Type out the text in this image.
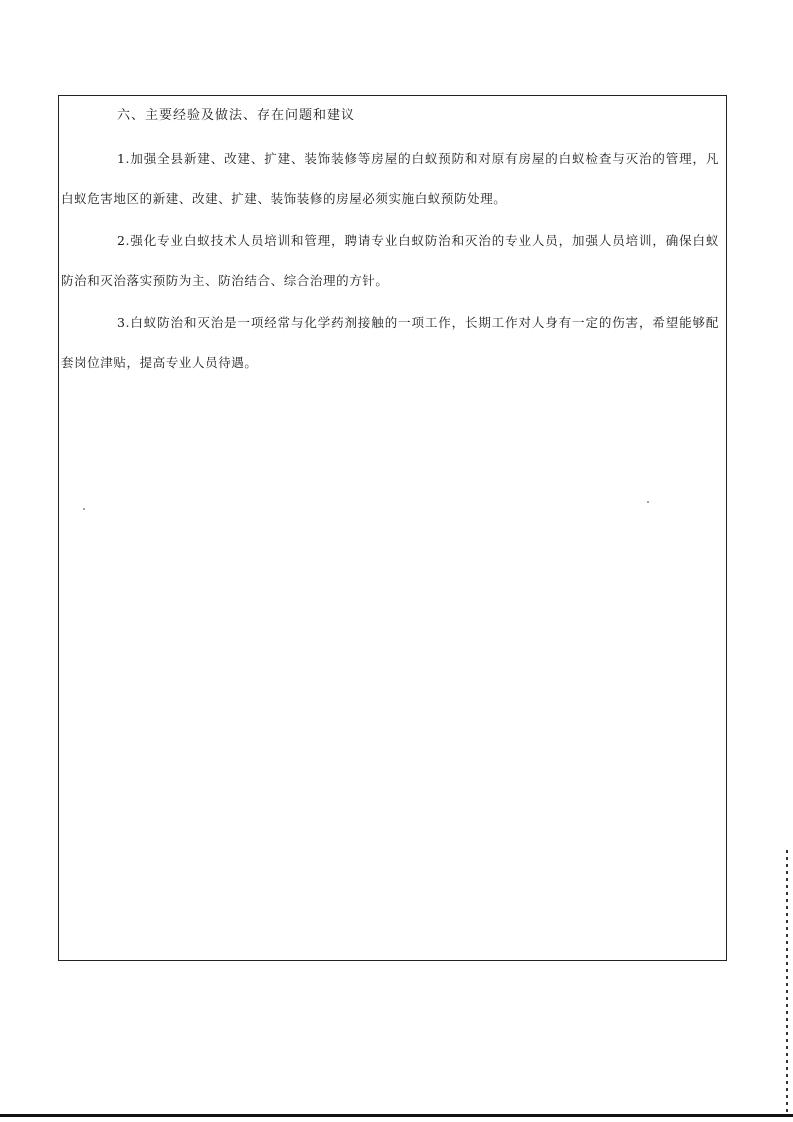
六、主要经验及做法、存在问题和建议
1.加强全县新建、改建、扩建、装饰装修等房屋的白蚁预防和对原有房屋的白蚁检查与灭治的管理，凡白蚁危害地区的新建、改建、扩建、装饰装修的房屋必须实施白蚁预防处理。
2.强化专业白蚁技术人员培训和管理，聘请专业白蚁防治和灭治的专业人员，加强人员培训，确保白蚁防治和灭治落实预防为主、防治结合、综合治理的方针。
3.白蚁防治和灭治是一项经常与化学药剂接触的一项工作，长期工作对人身有一定的伤害，希望能够配套岗位津贴，提高专业人员待遇。
